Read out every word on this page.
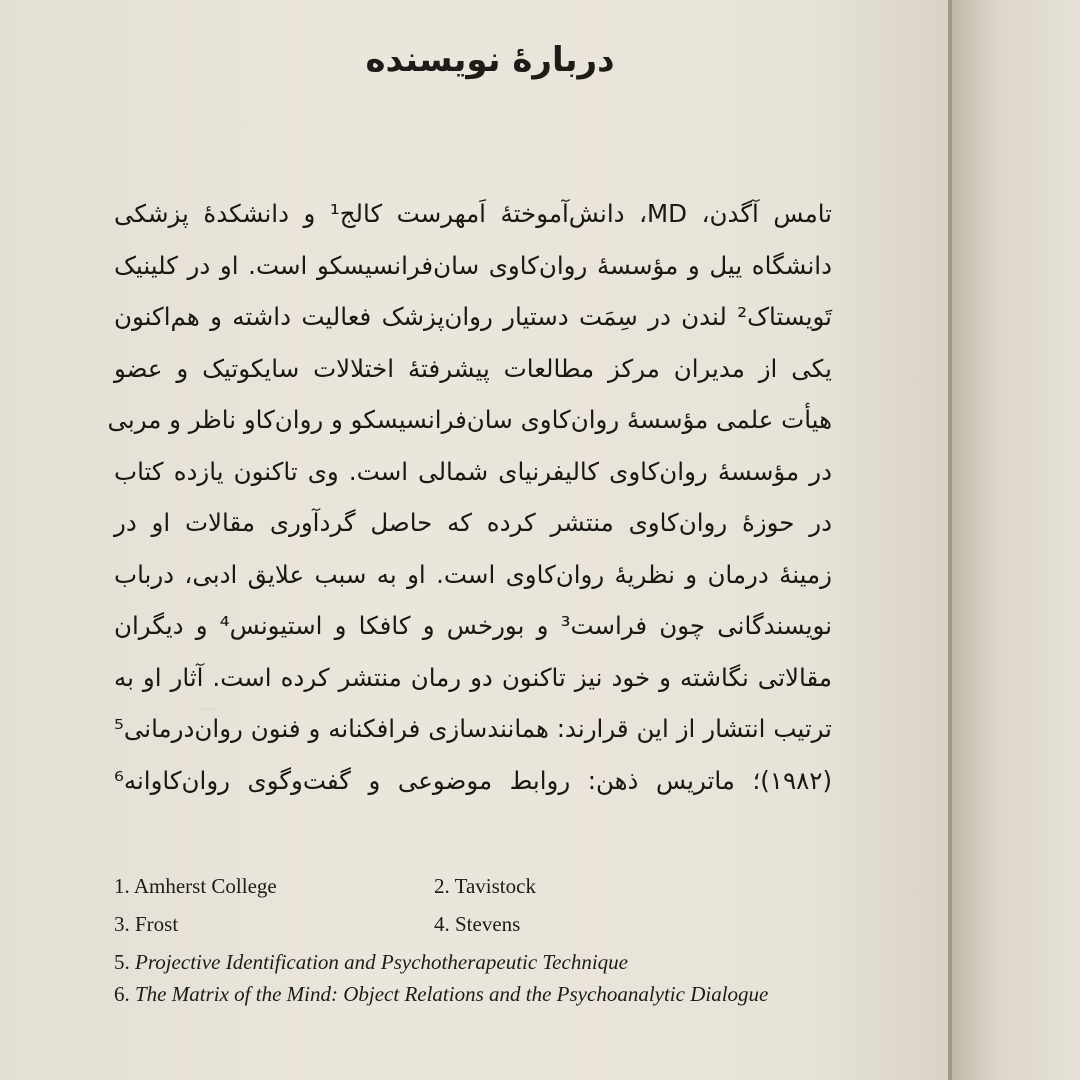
—
دربارهٔ نویسنده
تامس آگدن، MD، دانش‌آموختهٔ اَمهرست کالج¹ و دانشکدهٔ پزشکی
دانشگاه ییل و مؤسسهٔ روان‌کاوی سان‌فرانسیسکو است. او در کلینیک
تَویستاک² لندن در سِمَت دستیار روان‌پزشک فعالیت داشته و هم‌اکنون
یکی از مدیران مرکز مطالعات پیشرفتهٔ اختلالات سایکوتیک و عضو
هیأت علمی مؤسسهٔ روان‌کاوی سان‌فرانسیسکو و روان‌کاو ناظر و مربی
در مؤسسهٔ روان‌کاوی کالیفرنیای شمالی است. وی تاکنون یازده کتاب
در حوزهٔ روان‌کاوی منتشر کرده که حاصل گردآوری مقالات او در
زمینهٔ درمان و نظریهٔ روان‌کاوی است. او به سبب علایق ادبی، درباب
نویسندگانی چون فراست³ و بورخس و کافکا و استیونس⁴ و دیگران
مقالاتی نگاشته و خود نیز تاکنون دو رمان منتشر کرده است. آثار او به
ترتیب انتشار از این قرارند: همانندسازی فرافکنانه و فنون روان‌درمانی⁵
(۱۹۸۲)؛ ماتریس ذهن: روابط موضوعی و گفت‌وگوی روان‌کاوانه⁶
1. Amherst College	2. Tavistock
3. Frost	4. Stevens
5. Projective Identification and Psychotherapeutic Technique
6. The Matrix of the Mind: Object Relations and the Psychoanalytic Dialogue
